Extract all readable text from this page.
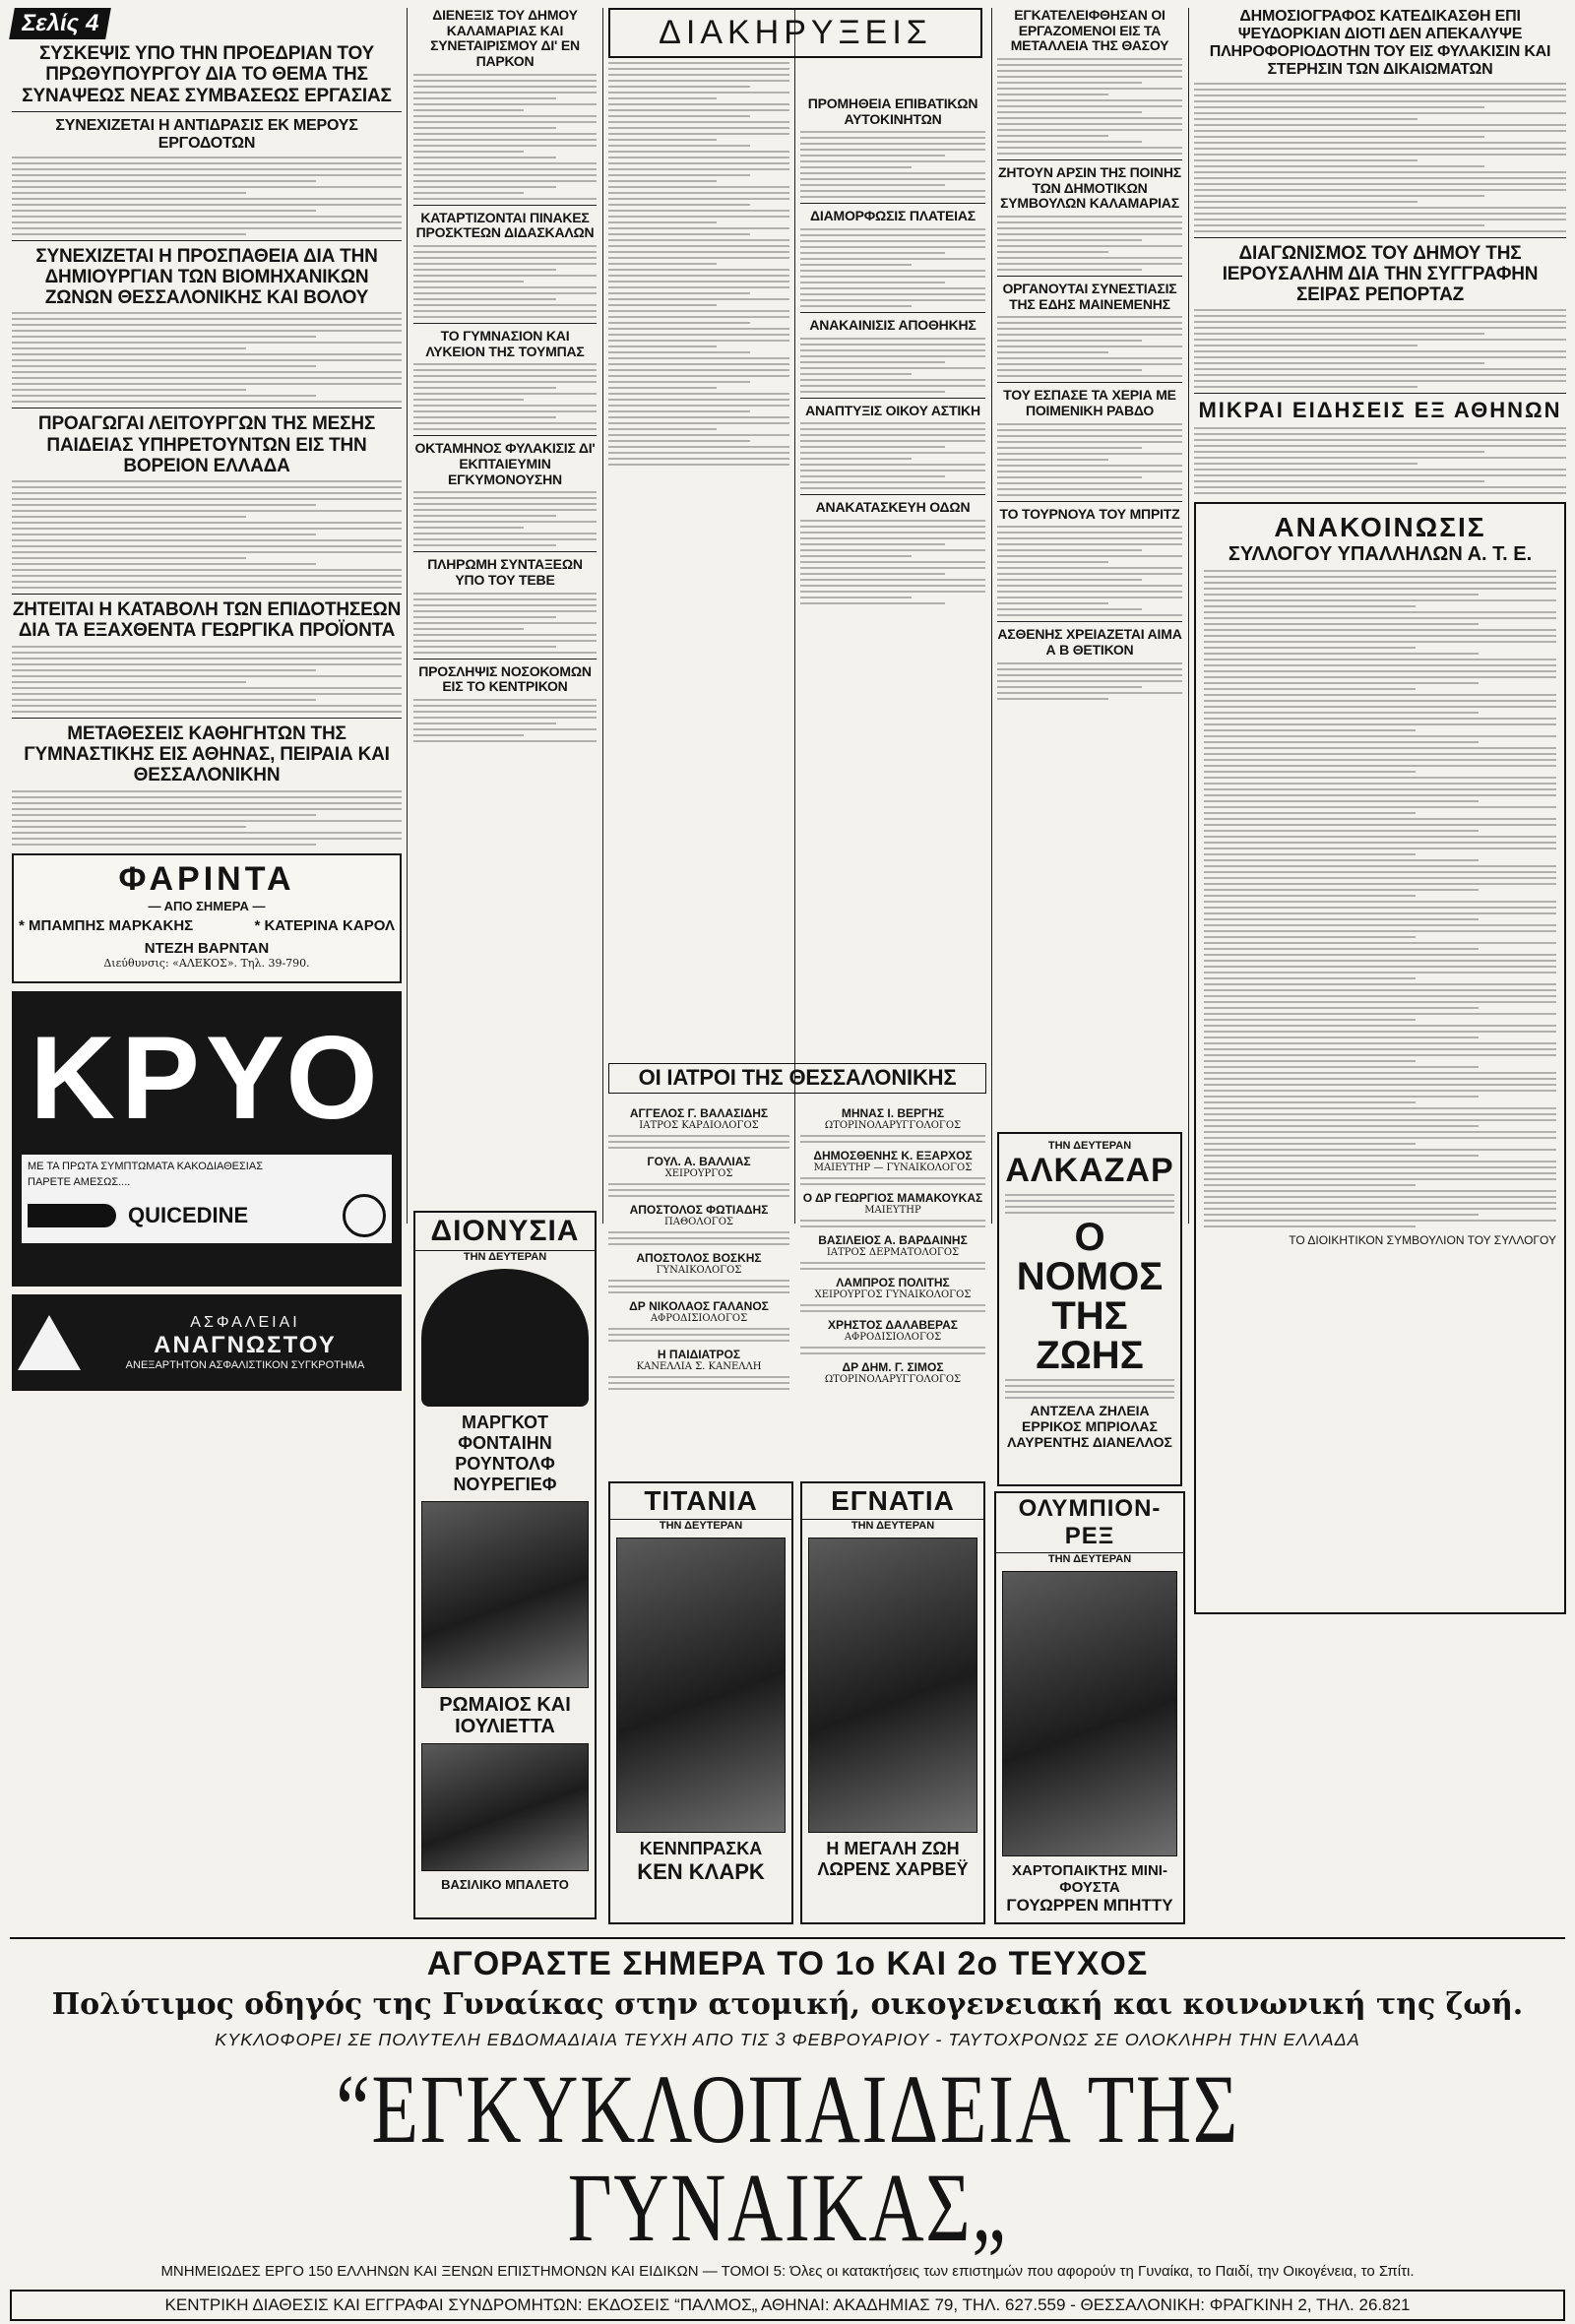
Σελίς 4
ΣΥΣΚΕΨΙΣ ΥΠΟ ΤΗΝ ΠΡΟΕΔΡΙΑΝ ΤΟΥ ΠΡΩΘΥΠΟΥΡΓΟΥ ΔΙΑ ΤΟ ΘΕΜΑ ΤΗΣ ΣΥΝΑΨΕΩΣ ΝΕΑΣ ΣΥΜΒΑΣΕΩΣ ΕΡΓΑΣΙΑΣ
ΣΥΝΕΧΙΖΕΤΑΙ Η ΑΝΤΙΔΡΑΣΙΣ ΕΚ ΜΕΡΟΥΣ ΕΡΓΟΔΟΤΩΝ
ΣΥΝΕΧΙΖΕΤΑΙ Η ΠΡΟΣΠΑΘΕΙΑ ΔΙΑ ΤΗΝ ΔΗΜΙΟΥΡΓΙΑΝ ΤΩΝ ΒΙΟΜΗΧΑΝΙΚΩΝ ΖΩΝΩΝ ΘΕΣΣΑΛΟΝΙΚΗΣ ΚΑΙ ΒΟΛΟΥ
ΠΡΟΑΓΩΓΑΙ ΛΕΙΤΟΥΡΓΩΝ ΤΗΣ ΜΕΣΗΣ ΠΑΙΔΕΙΑΣ ΥΠΗΡΕΤΟΥΝΤΩΝ ΕΙΣ ΤΗΝ ΒΟΡΕΙΟΝ ΕΛΛΑΔΑ
ΖΗΤΕΙΤΑΙ Η ΚΑΤΑΒΟΛΗ ΤΩΝ ΕΠΙΔΟΤΗΣΕΩΝ ΔΙΑ ΤΑ ΕΞΑΧΘΕΝΤΑ ΓΕΩΡΓΙΚΑ ΠΡΟΪΟΝΤΑ
ΜΕΤΑΘΕΣΕΙΣ ΚΑΘΗΓΗΤΩΝ ΤΗΣ ΓΥΜΝΑΣΤΙΚΗΣ ΕΙΣ ΑΘΗΝΑΣ, ΠΕΙΡΑΙΑ ΚΑΙ ΘΕΣΣΑΛΟΝΙΚΗΝ
ΦΑΡΙΝΤΑ
— ΑΠΟ ΣΗΜΕΡΑ —
* ΜΠΑΜΠΗΣ ΜΑΡΚΑΚΗΣ	* ΚΑΤΕΡΙΝΑ ΚΑΡΟΛ
ΝΤΕΖΗ ΒΑΡΝΤΑΝ
Διεύθυνσις: «ΑΛΕΚΟΣ». Τηλ. 39-790.
ΚΡΥΟ
ΜΕ ΤΑ ΠΡΩΤΑ ΣΥΜΠΤΩΜΑΤΑ ΚΑΚΟΔΙΑΘΕΣΙΑΣ
ΠΑΡΕΤΕ ΑΜΕΣΩΣ....
QUICEDINE
ΑΣΦΑΛΕΙΑΙ
ΑΝΑΓΝΩΣΤΟΥ
ΑΝΕΞΑΡΤΗΤΟΝ ΑΣΦΑΛΙΣΤΙΚΟΝ ΣΥΓΚΡΟΤΗΜΑ
ΔΙΕΝΕΞΙΣ ΤΟΥ ΔΗΜΟΥ ΚΑΛΑΜΑΡΙΑΣ ΚΑΙ ΣΥΝΕΤΑΙΡΙΣΜΟΥ ΔΙ' ΕΝ ΠΑΡΚΟΝ
ΚΑΤΑΡΤΙΖΟΝΤΑΙ ΠΙΝΑΚΕΣ ΠΡΟΣΚΤΕΩΝ ΔΙΔΑΣΚΑΛΩΝ
ΤΟ ΓΥΜΝΑΣΙΟΝ ΚΑΙ ΛΥΚΕΙΟΝ ΤΗΣ ΤΟΥΜΠΑΣ
ΟΚΤΑΜΗΝΟΣ ΦΥΛΑΚΙΣΙΣ ΔΙ' ΕΚΠΤΑΙΕΥΜΙΝ ΕΓΚΥΜΟΝΟΥΣΗΝ
ΠΛΗΡΩΜΗ ΣΥΝΤΑΞΕΩΝ ΥΠΟ ΤΟΥ ΤΕΒΕ
ΠΡΟΣΛΗΨΙΣ ΝΟΣΟΚΟΜΩΝ ΕΙΣ ΤΟ ΚΕΝΤΡΙΚΟΝ
ΔΙΟΝΥΣΙΑ
ΤΗΝ ΔΕΥΤΕΡΑΝ
ΜΑΡΓΚΟΤ ΦΟΝΤΑΙΗΝ
ΡΟΥΝΤΟΛΦ ΝΟΥΡΕΓΙΕΦ
ΡΩΜΑΙΟΣ ΚΑΙ ΙΟΥΛΙΕΤΤΑ
ΒΑΣΙΛΙΚΟ ΜΠΑΛΕΤΟ
ΔΙΑΚΗΡΥΞΕΙΣ
ΟΙ ΙΑΤΡΟΙ ΤΗΣ ΘΕΣΣΑΛΟΝΙΚΗΣ
ΑΓΓΕΛΟΣ Γ. ΒΑΛΑΣΙΔΗΣ
ΙΑΤΡΟΣ ΚΑΡΔΙΟΛΟΓΟΣ
ΓΟΥΛ. Α. ΒΑΛΛΙΑΣ
ΧΕΙΡΟΥΡΓΟΣ
ΑΠΟΣΤΟΛΟΣ ΦΩΤΙΑΔΗΣ
ΠΑΘΟΛΟΓΟΣ
ΑΠΟΣΤΟΛΟΣ ΒΟΣΚΗΣ
ΓΥΝΑΙΚΟΛΟΓΟΣ
ΔΡ ΝΙΚΟΛΑΟΣ ΓΑΛΑΝΟΣ
ΑΦΡΟΔΙΣΙΟΛΟΓΟΣ
Η ΠΑΙΔΙΑΤΡΟΣ
ΚΑΝΕΛΛΙΑ Σ. ΚΑΝΕΛΛΗ
ΠΡΟΜΗΘΕΙΑ ΕΠΙΒΑΤΙΚΩΝ ΑΥΤΟΚΙΝΗΤΩΝ
ΔΙΑΜΟΡΦΩΣΙΣ ΠΛΑΤΕΙΑΣ
ΑΝΑΚΑΙΝΙΣΙΣ ΑΠΟΘΗΚΗΣ
ΑΝΑΠΤΥΞΙΣ ΟΙΚΟΥ ΑΣΤΙΚΗ
ΑΝΑΚΑΤΑΣΚΕΥΗ ΟΔΩΝ
ΜΗΝΑΣ Ι. ΒΕΡΓΗΣ
ΩΤΟΡΙΝΟΛΑΡΥΓΓΟΛΟΓΟΣ
ΔΗΜΟΣΘΕΝΗΣ Κ. ΕΞΑΡΧΟΣ
ΜΑΙΕΥΤΗΡ — ΓΥΝΑΙΚΟΛΟΓΟΣ
Ο ΔΡ ΓΕΩΡΓΙΟΣ ΜΑΜΑΚΟΥΚΑΣ
ΜΑΙΕΥΤΗΡ
ΒΑΣΙΛΕΙΟΣ Α. ΒΑΡΔΑΙΝΗΣ
ΙΑΤΡΟΣ ΔΕΡΜΑΤΟΛΟΓΟΣ
ΛΑΜΠΡΟΣ ΠΟΛΙΤΗΣ
ΧΕΙΡΟΥΡΓΟΣ ΓΥΝΑΙΚΟΛΟΓΟΣ
ΧΡΗΣΤΟΣ ΔΑΛΑΒΕΡΑΣ
ΑΦΡΟΔΙΣΙΟΛΟΓΟΣ
ΔΡ ΔΗΜ. Γ. ΣΙΜΟΣ
ΩΤΟΡΙΝΟΛΑΡΥΓΓΟΛΟΓΟΣ
ΕΓΚΑΤΕΛΕΙΦΘΗΣΑΝ ΟΙ ΕΡΓΑΖΟΜΕΝΟΙ ΕΙΣ ΤΑ ΜΕΤΑΛΛΕΙΑ ΤΗΣ ΘΑΣΟΥ
ΖΗΤΟΥΝ ΑΡΣΙΝ ΤΗΣ ΠΟΙΝΗΣ ΤΩΝ ΔΗΜΟΤΙΚΩΝ ΣΥΜΒΟΥΛΩΝ ΚΑΛΑΜΑΡΙΑΣ
ΟΡΓΑΝΟΥΤΑΙ ΣΥΝΕΣΤΙΑΣΙΣ ΤΗΣ ΕΔΗΣ ΜΑΙΝΕΜΕΝΗΣ
ΤΟΥ ΕΣΠΑΣΕ ΤΑ ΧΕΡΙΑ ΜΕ ΠΟΙΜΕΝΙΚΗ ΡΑΒΔΟ
ΤΟ ΤΟΥΡΝΟΥΑ ΤΟΥ ΜΠΡΙΤΖ
ΑΣΘΕΝΗΣ ΧΡΕΙΑΖΕΤΑΙ ΑΙΜΑ Α Β ΘΕΤΙΚΟΝ
ΤΗΝ ΔΕΥΤΕΡΑΝ
ΑΛΚΑΖΑΡ
Ο ΝΟΜΟΣ
ΤΗΣ ΖΩΗΣ
ΑΝΤΖΕΛΑ ΖΗΛΕΙΑ
ΕΡΡΙΚΟΣ ΜΠΡΙΟΛΑΣ
ΛΑΥΡΕΝΤΗΣ ΔΙΑΝΕΛΛΟΣ
ΔΗΜΟΣΙΟΓΡΑΦΟΣ ΚΑΤΕΔΙΚΑΣΘΗ ΕΠΙ ΨΕΥΔΟΡΚΙΑΝ ΔΙΟΤΙ ΔΕΝ ΑΠΕΚΑΛΥΨΕ ΠΛΗΡΟΦΟΡΙΟΔΟΤΗΝ ΤΟΥ ΕΙΣ ΦΥΛΑΚΙΣΙΝ ΚΑΙ ΣΤΕΡΗΣΙΝ ΤΩΝ ΔΙΚΑΙΩΜΑΤΩΝ
ΔΙΑΓΩΝΙΣΜΟΣ ΤΟΥ ΔΗΜΟΥ ΤΗΣ ΙΕΡΟΥΣΑΛΗΜ ΔΙΑ ΤΗΝ ΣΥΓΓΡΑΦΗΝ ΣΕΙΡΑΣ ΡΕΠΟΡΤΑΖ
ΜΙΚΡΑΙ ΕΙΔΗΣΕΙΣ ΕΞ ΑΘΗΝΩΝ
ΑΝΑΚΟΙΝΩΣΙΣ
ΣΥΛΛΟΓΟΥ ΥΠΑΛΛΗΛΩΝ Α. Τ. Ε.
ΤΟ ΔΙΟΙΚΗΤΙΚΟΝ ΣΥΜΒΟΥΛΙΟΝ ΤΟΥ ΣΥΛΛΟΓΟΥ
ΤΙΤΑΝΙΑ
ΤΗΝ ΔΕΥΤΕΡΑΝ
ΚΕΝΝΠΡΑΣΚΑ
ΚΕΝ ΚΛΑΡΚ
ΕΓΝΑΤΙΑ
ΤΗΝ ΔΕΥΤΕΡΑΝ
Η ΜΕΓΑΛΗ ΖΩΗ
ΛΩΡΕΝΣ ΧΑΡΒΕΫ
ΟΛΥΜΠΙΟΝ-ΡΕΞ
ΤΗΝ ΔΕΥΤΕΡΑΝ
ΧΑΡΤΟΠΑΙΚΤΗΣ ΜΙΝΙ-ΦΟΥΣΤΑ
ΓΟΥΩΡΡΕΝ ΜΠΗΤΤΥ
ΑΓΟΡΑΣΤΕ ΣΗΜΕΡΑ ΤΟ 1ο ΚΑΙ 2ο ΤΕΥΧΟΣ
Πολύτιμος οδηγός της Γυναίκας στην ατομική, οικογενειακή και κοινωνική της ζωή.
ΚΥΚΛΟΦΟΡΕΙ ΣΕ ΠΟΛΥΤΕΛΗ ΕΒΔΟΜΑΔΙΑΙΑ ΤΕΥΧΗ ΑΠΟ ΤΙΣ 3 ΦΕΒΡΟΥΑΡΙΟΥ - ΤΑΥΤΟΧΡΟΝΩΣ ΣΕ ΟΛΟΚΛΗΡΗ ΤΗΝ ΕΛΛΑΔΑ
“ΕΓΚΥΚΛΟΠΑΙΔΕΙΑ ΤΗΣ ΓΥΝΑΙΚΑΣ„
ΜΝΗΜΕΙΩΔΕΣ ΕΡΓΟ 150 ΕΛΛΗΝΩΝ ΚΑΙ ΞΕΝΩΝ ΕΠΙΣΤΗΜΟΝΩΝ ΚΑΙ ΕΙΔΙΚΩΝ — ΤΟΜΟΙ 5: Όλες οι κατακτήσεις των επιστημών που αφορούν τη Γυναίκα, το Παιδί, την Οικογένεια, το Σπίτι.
ΚΕΝΤΡΙΚΗ ΔΙΑΘΕΣΙΣ ΚΑΙ ΕΓΓΡΑΦΑΙ ΣΥΝΔΡΟΜΗΤΩΝ: ΕΚΔΟΣΕΙΣ “ΠΑΛΜΟΣ„ ΑΘΗΝΑΙ: ΑΚΑΔΗΜΙΑΣ 79, ΤΗΛ. 627.559 - ΘΕΣΣΑΛΟΝΙΚΗ: ΦΡΑΓΚΙΝΗ 2, ΤΗΛ. 26.821
